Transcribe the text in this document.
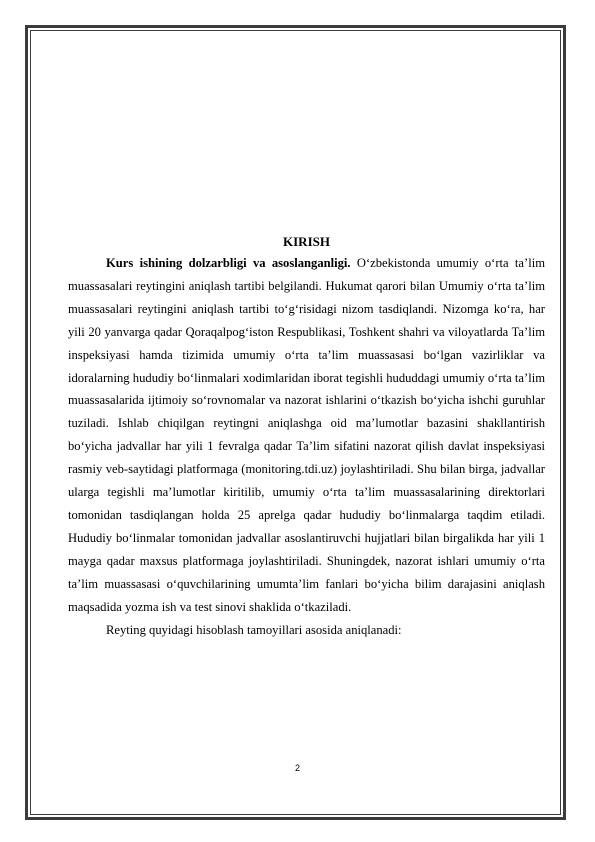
KIRISH

Kurs ishining dolzarbligi va asoslanganligi. O‘zbekistonda umumiy o‘rta ta’lim muassasalari reytingini aniqlash tartibi belgilandi. Hukumat qarori bilan Umumiy o‘rta ta’lim muassasalari reytingini aniqlash tartibi to‘g‘risidagi nizom tasdiqlandi. Nizomga ko‘ra, har yili 20 yanvarga qadar Qoraqalpog‘iston Respublikasi, Toshkent shahri va viloyatlarda Ta’lim inspeksiyasi hamda tizimida umumiy o‘rta ta’lim muassasasi bo‘lgan vazirliklar va idoralarning hududiy bo‘linmalari xodimlaridan iborat tegishli hududdagi umumiy o‘rta ta’lim muassasalarida ijtimoiy so‘rovnomalar va nazorat ishlarini o‘tkazish bo‘yicha ishchi guruhlar tuziladi. Ishlab chiqilgan reytingni aniqlashga oid ma’lumotlar bazasini shakllantirish bo‘yicha jadvallar har yili 1 fevralga qadar Ta’lim sifatini nazorat qilish davlat inspeksiyasi rasmiy veb-saytidagi platformaga (monitoring.tdi.uz) joylashtiriladi. Shu bilan birga, jadvallar ularga tegishli ma’lumotlar kiritilib, umumiy o‘rta ta’lim muassasalarining direktorlari tomonidan tasdiqlangan holda 25 aprelga qadar hududiy bo‘linmalarga taqdim etiladi. Hududiy bo‘linmalar tomonidan jadvallar asoslantiruvchi hujjatlari bilan birgalikda har yili 1 mayga qadar maxsus platformaga joylashtiriladi. Shuningdek, nazorat ishlari umumiy o‘rta ta’lim muassasasi o‘quvchilarining umumta’lim fanlari bo‘yicha bilim darajasini aniqlash maqsadida yozma ish va test sinovi shaklida o‘tkaziladi.

Reyting quyidagi hisoblash tamoyillari asosida aniqlanadi:

2
